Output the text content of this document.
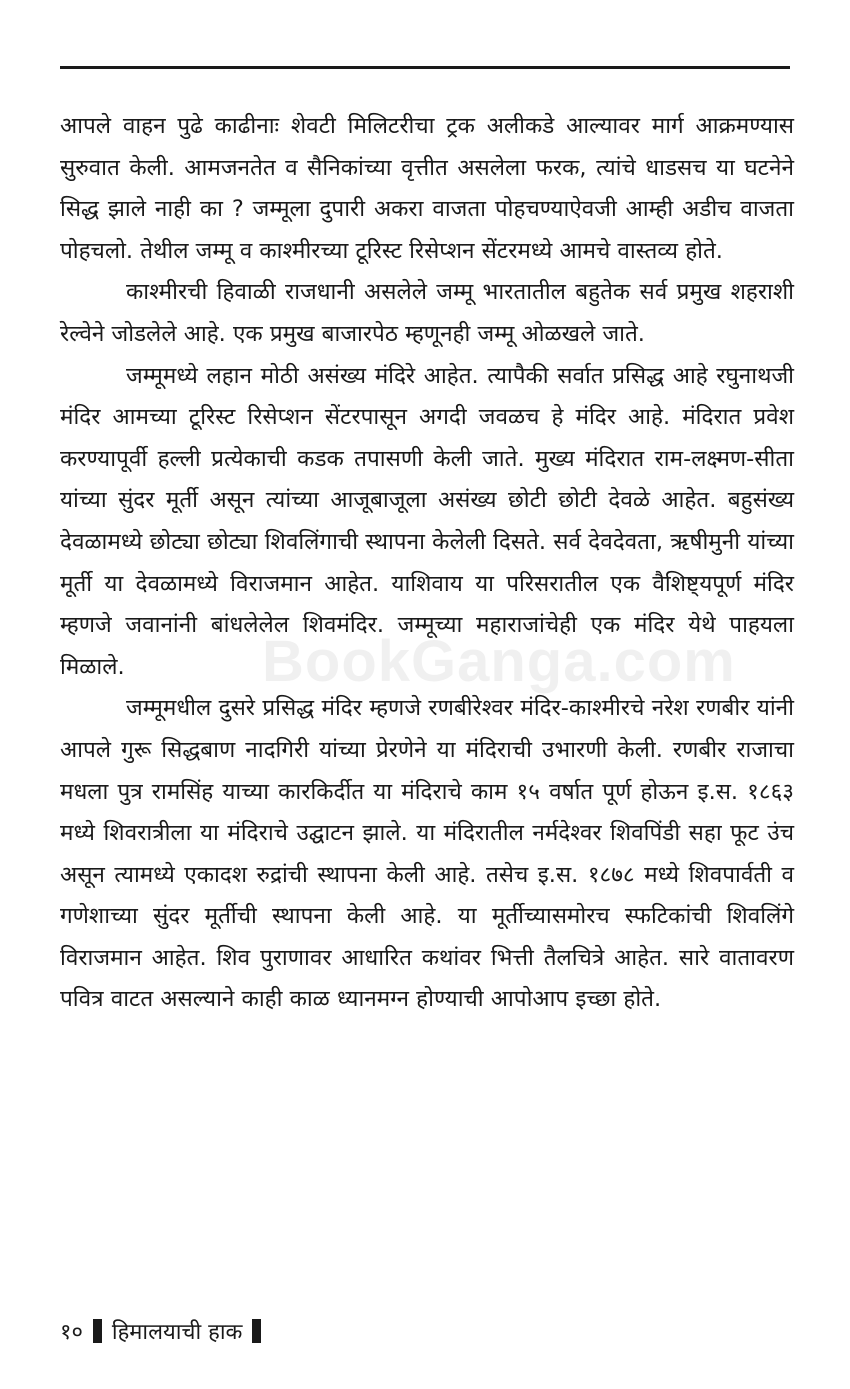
BookGanga.com

आपले वाहन पुढे काढीनाः शेवटी मिलिटरीचा ट्रक अलीकडे आल्यावर मार्ग आक्रमण्यास सुरुवात केली. आमजनतेत व सैनिकांच्या वृत्तीत असलेला फरक, त्यांचे धाडसच या घटनेने सिद्ध झाले नाही का ? जम्मूला दुपारी अकरा वाजता पोहचण्याऐवजी आम्ही अडीच वाजता पोहचलो. तेथील जम्मू व काश्मीरच्या टूरिस्ट रिसेप्शन सेंटरमध्ये आमचे वास्तव्य होते.

काश्मीरची हिवाळी राजधानी असलेले जम्मू भारतातील बहुतेक सर्व प्रमुख शहराशी रेल्वेने जोडलेले आहे. एक प्रमुख बाजारपेठ म्हणूनही जम्मू ओळखले जाते.

जम्मूमध्ये लहान मोठी असंख्य मंदिरे आहेत. त्यापैकी सर्वात प्रसिद्ध आहे रघुनाथजी मंदिर आमच्या टूरिस्ट रिसेप्शन सेंटरपासून अगदी जवळच हे मंदिर आहे. मंदिरात प्रवेश करण्यापूर्वी हल्ली प्रत्येकाची कडक तपासणी केली जाते. मुख्य मंदिरात राम-लक्ष्मण-सीता यांच्या सुंदर मूर्ती असून त्यांच्या आजूबाजूला असंख्य छोटी छोटी देवळे आहेत. बहुसंख्य देवळामध्ये छोट्या छोट्या शिवलिंगाची स्थापना केलेली दिसते. सर्व देवदेवता, ऋषीमुनी यांच्या मूर्ती या देवळामध्ये विराजमान आहेत. याशिवाय या परिसरातील एक वैशिष्ट्यपूर्ण मंदिर म्हणजे जवानांनी बांधलेलेल शिवमंदिर. जम्मूच्या महाराजांचेही एक मंदिर येथे पाहयला मिळाले.

जम्मूमधील दुसरे प्रसिद्ध मंदिर म्हणजे रणबीरेश्वर मंदिर-काश्मीरचे नरेश रणबीर यांनी आपले गुरू सिद्धबाण नादगिरी यांच्या प्रेरणेने या मंदिराची उभारणी केली. रणबीर राजाचा मधला पुत्र रामसिंह याच्या कारकिर्दीत या मंदिराचे काम १५ वर्षात पूर्ण होऊन इ.स. १८६३ मध्ये शिवरात्रीला या मंदिराचे उद्घाटन झाले. या मंदिरातील नर्मदेश्वर शिवपिंडी सहा फूट उंच असून त्यामध्ये एकादश रुद्रांची स्थापना केली आहे. तसेच इ.स. १८७८ मध्ये शिवपार्वती व गणेशाच्या सुंदर मूर्तीची स्थापना केली आहे. या मूर्तीच्यासमोरच स्फटिकांची शिवलिंगे विराजमान आहेत. शिव पुराणावर आधारित कथांवर भित्ती तैलचित्रे आहेत. सारे वातावरण पवित्र वाटत असल्याने काही काळ ध्यानमग्न होण्याची आपोआप इच्छा होते.

१० हिमालयाची हाक
